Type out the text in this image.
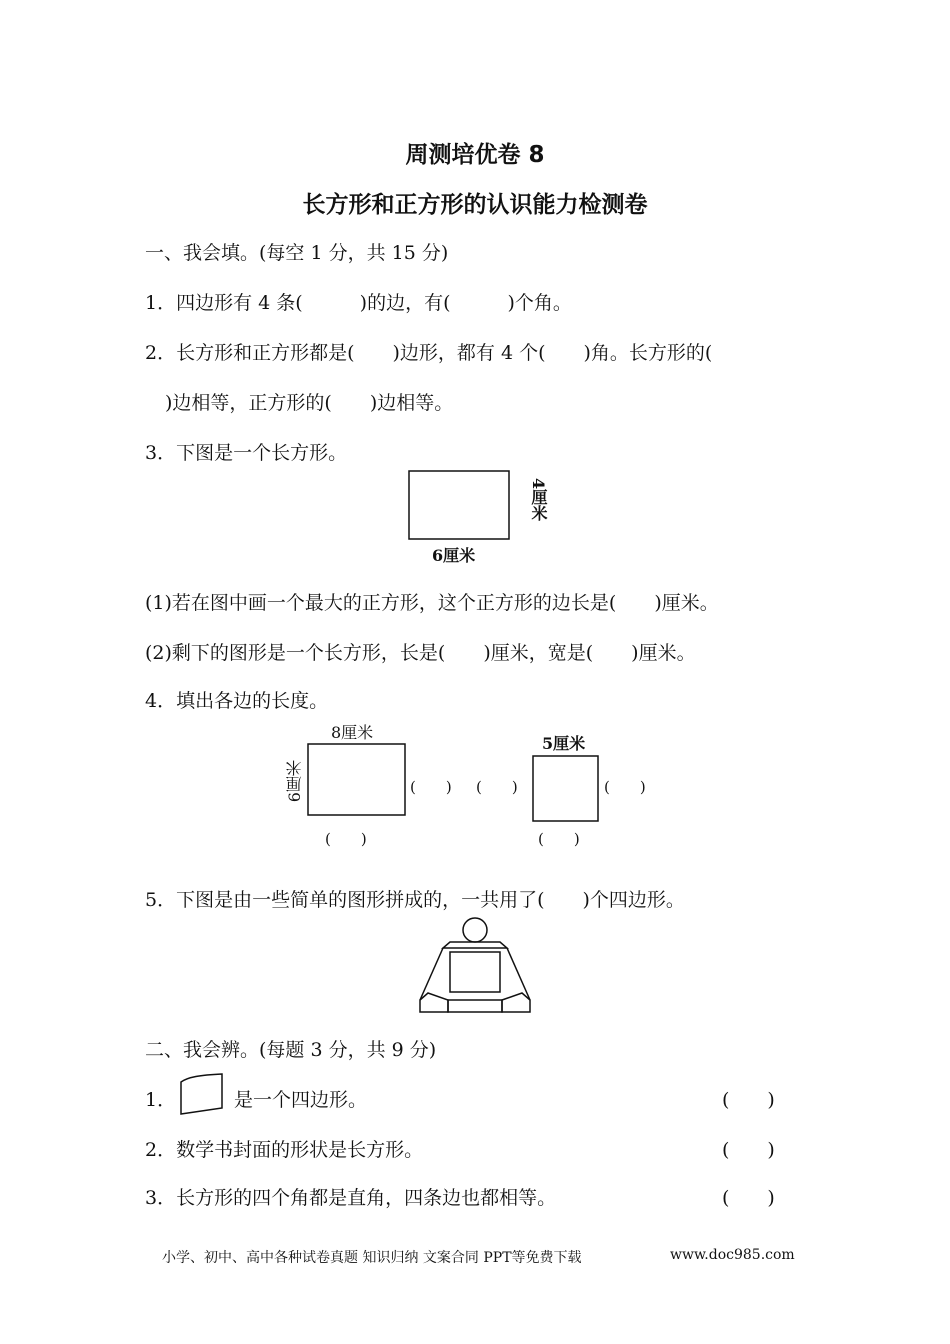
周测培优卷 8
长方形和正方形的认识能力检测卷
一、我会填。(每空 1 分，共 15 分)
1．四边形有 4 条(　　　)的边，有(　　　)个角。
2．长方形和正方形都是(　　)边形，都有 4 个(　　)角。长方形的(
)边相等，正方形的(　　)边相等。
3．下图是一个长方形。
6厘米
4厘米
(1)若在图中画一个最大的正方形，这个正方形的边长是(　　)厘米。
(2)剩下的图形是一个长方形，长是(　　)厘米，宽是(　　)厘米。
4．填出各边的长度。
8厘米
6厘米	(　　)
(　　)
5厘米
(　　)	(　　)
(　　)
5．下图是由一些简单的图形拼成的，一共用了(　　)个四边形。
二、我会辨。(每题 3 分，共 9 分)
1．	是一个四边形。	(　　)
2．数学书封面的形状是长方形。	(　　)
3．长方形的四个角都是直角，四条边也都相等。	(　　)
小学、初中、高中各种试卷真题 知识归纳 文案合同 PPT等免费下载	www.doc985.com
